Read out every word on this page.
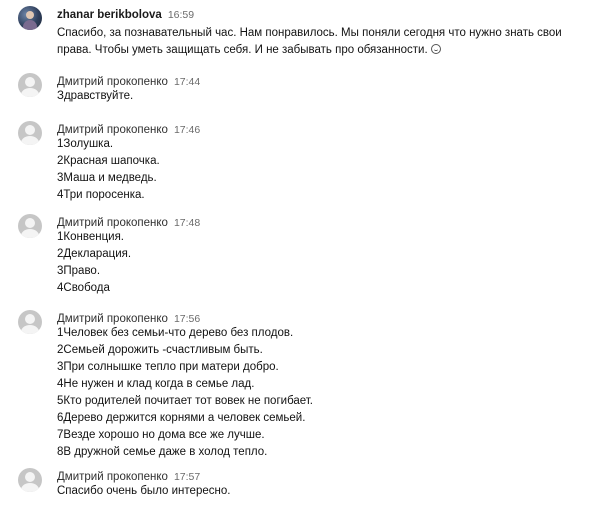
zhanar berikbolova 16:59
Спасибо, за познавательный час. Нам понравилось. Мы поняли сегодня что нужно знать свои
права. Чтобы уметь защищать себя. И не забывать про обязанности.
Дмитрий прокопенко 17:44
Здравствуйте.
Дмитрий прокопенко 17:46
1Золушка.
2Красная шапочка.
3Маша и медведь.
4Три поросенка.
Дмитрий прокопенко 17:48
1Конвенция.
2Декларация.
3Право.
4Свобода
Дмитрий прокопенко 17:56
1Человек без семьи-что дерево без плодов.
2Семьей дорожить -счастливым быть.
3При солнышке тепло при матери добро.
4Не нужен и клад когда в семье лад.
5Кто родителей почитает тот вовек не погибает.
6Дерево держится корнями а человек семьей.
7Везде хорошо но дома все же лучше.
8В дружной семье даже в холод тепло.
Дмитрий прокопенко 17:57
Спасибо очень было интересно.
